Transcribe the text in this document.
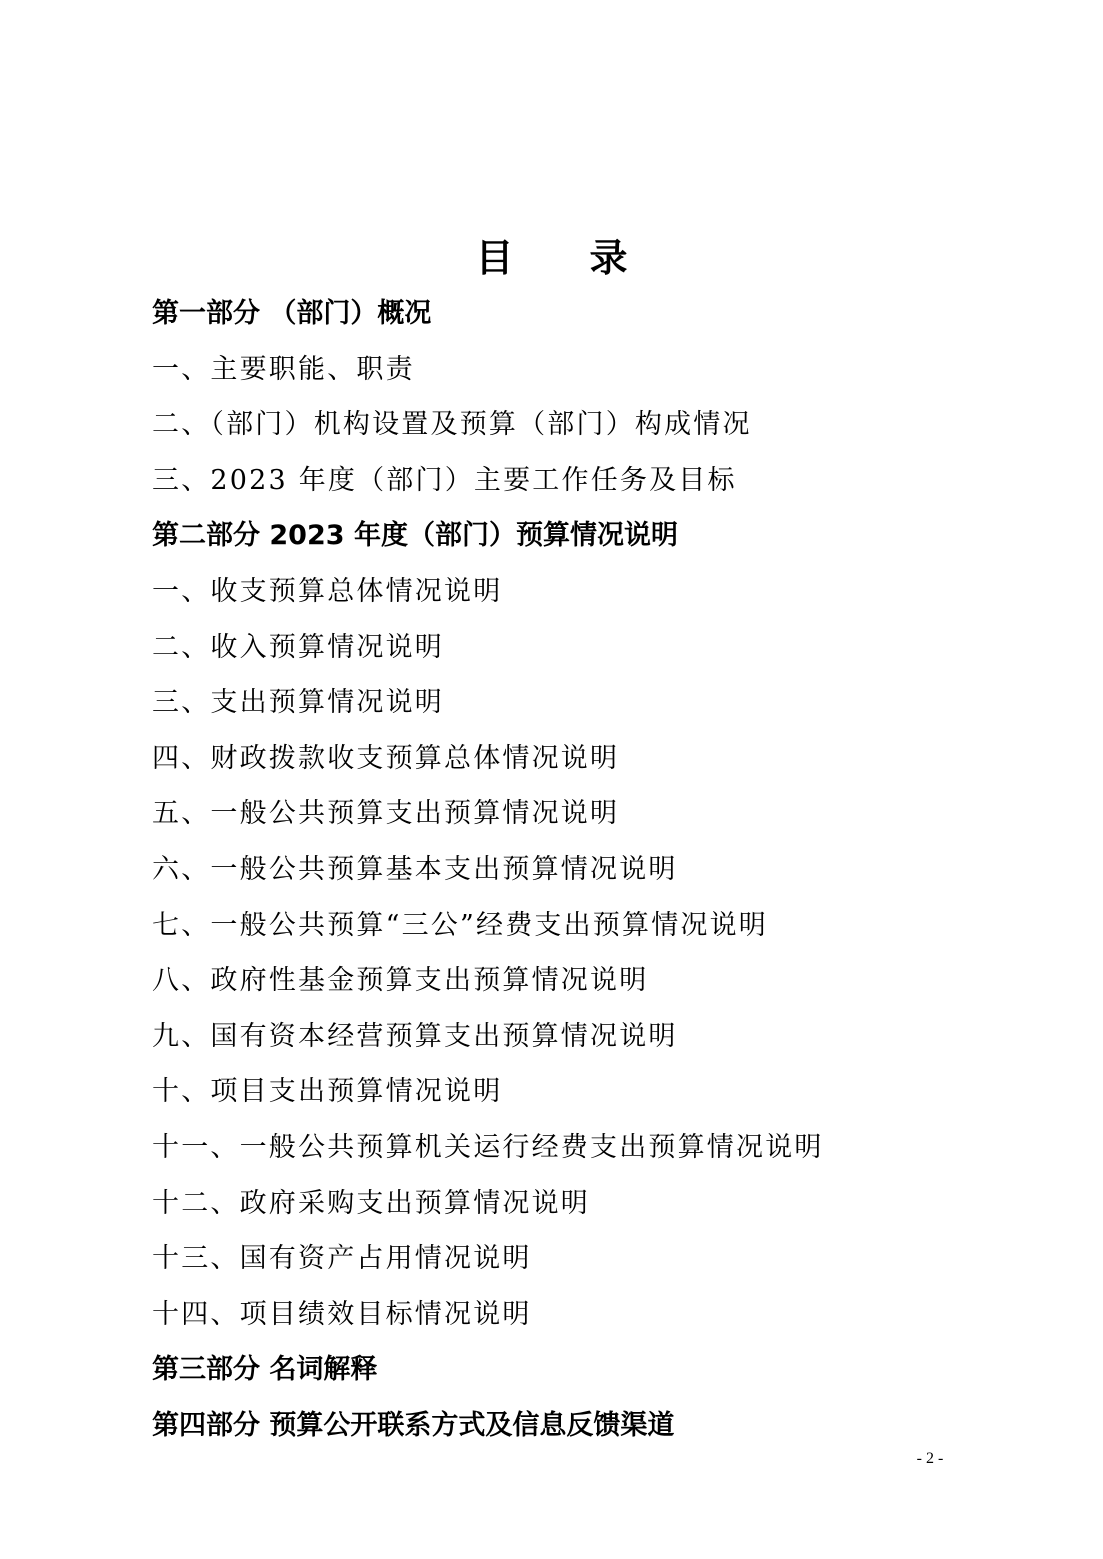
目 录
第一部分 （部门）概况
一、主要职能、职责
二、（部门）机构设置及预算（部门）构成情况
三、2023 年度（部门）主要工作任务及目标
第二部分 2023 年度（部门）预算情况说明
一、收支预算总体情况说明
二、收入预算情况说明
三、支出预算情况说明
四、财政拨款收支预算总体情况说明
五、一般公共预算支出预算情况说明
六、一般公共预算基本支出预算情况说明
七、一般公共预算“三公”经费支出预算情况说明
八、政府性基金预算支出预算情况说明
九、国有资本经营预算支出预算情况说明
十、项目支出预算情况说明
十一、一般公共预算机关运行经费支出预算情况说明
十二、政府采购支出预算情况说明
十三、国有资产占用情况说明
十四、项目绩效目标情况说明
第三部分 名词解释
第四部分 预算公开联系方式及信息反馈渠道
- 2 -
